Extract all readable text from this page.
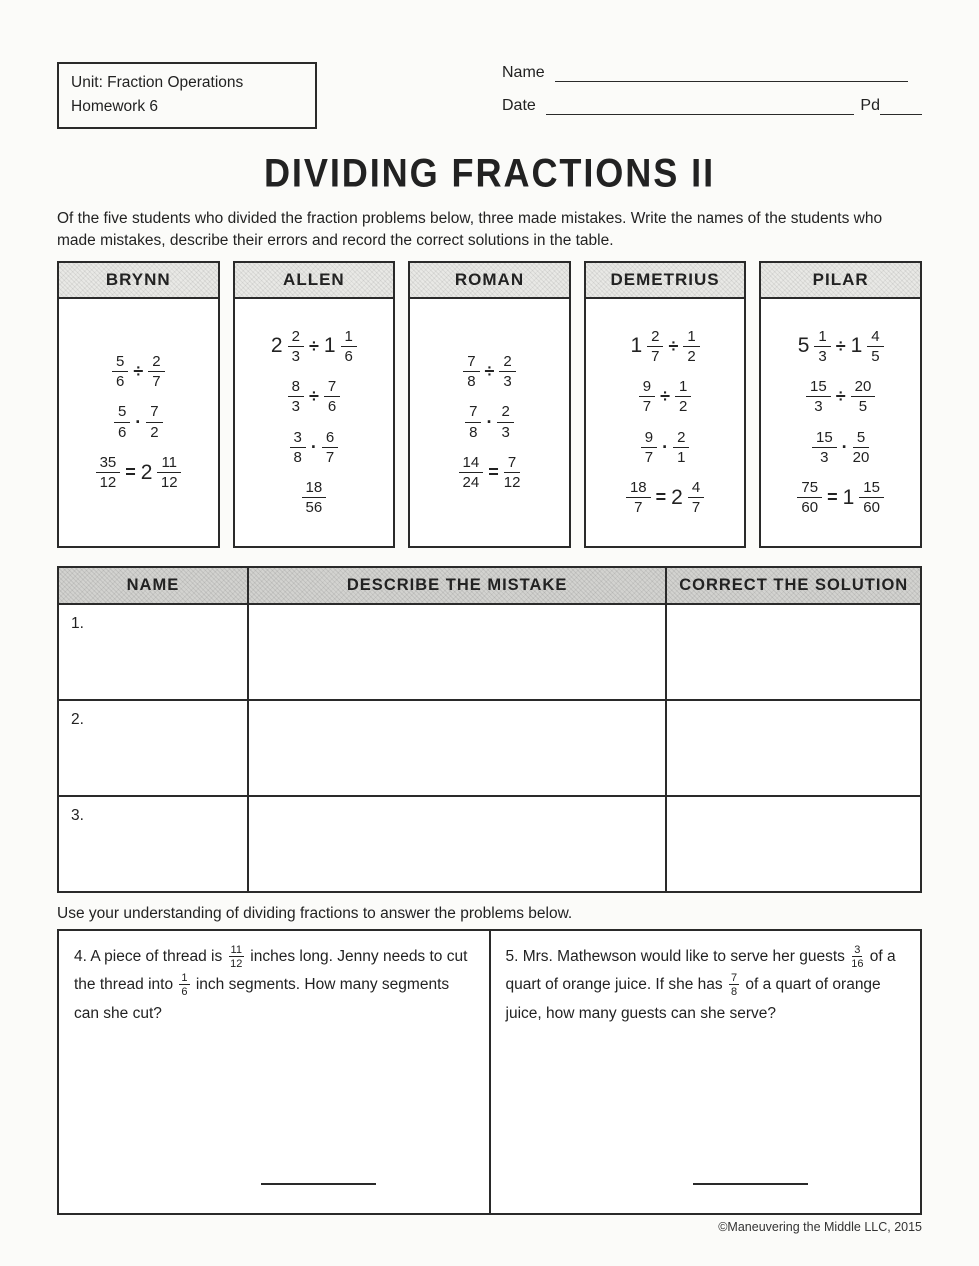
Unit: Fraction Operations
Homework 6
Name
Date	Pd
DIVIDING FRACTIONS II

Of the five students who divided the fraction problems below, three made mistakes. Write the names of the students who made mistakes, describe their errors and record the correct solutions in the table.

BRYNN
$\frac{5}{6} \div \frac{2}{7}$
$\frac{5}{6} \cdot \frac{7}{2}$
$\frac{35}{12} = 2 \frac{11}{12}$
ALLEN
$2 \frac{2}{3} \div 1 \frac{1}{6}$
$\frac{8}{3} \div \frac{7}{6}$
$\frac{3}{8} \cdot \frac{6}{7}$
$\frac{18}{56}$
ROMAN
$\frac{7}{8} \div \frac{2}{3}$
$\frac{7}{8} \cdot \frac{2}{3}$
$\frac{14}{24} = \frac{7}{12}$
DEMETRIUS
$1 \frac{2}{7} \div \frac{1}{2}$
$\frac{9}{7} \div \frac{1}{2}$
$\frac{9}{7} \cdot \frac{2}{1}$
$\frac{18}{7} = 2 \frac{4}{7}$
PILAR
$5 \frac{1}{3} \div 1 \frac{4}{5}$
$\frac{15}{3} \div \frac{20}{5}$
$\frac{15}{3} \cdot \frac{5}{20}$
$\frac{75}{60} = 1 \frac{15}{60}$
NAME	DESCRIBE THE MISTAKE	CORRECT THE SOLUTION
1.		
2.		
3.		

Use your understanding of dividing fractions to answer the problems below.

4. A piece of thread is $\frac{11}{12}$ inches long. Jenny needs to cut the thread into $\frac{1}{6}$ inch segments. How many segments can she cut?

5. Mrs. Mathewson would like to serve her guests $\frac{3}{16}$ of a quart of orange juice. If she has $\frac{7}{8}$ of a quart of orange juice, how many guests can she serve?

©Maneuvering the Middle LLC, 2015
